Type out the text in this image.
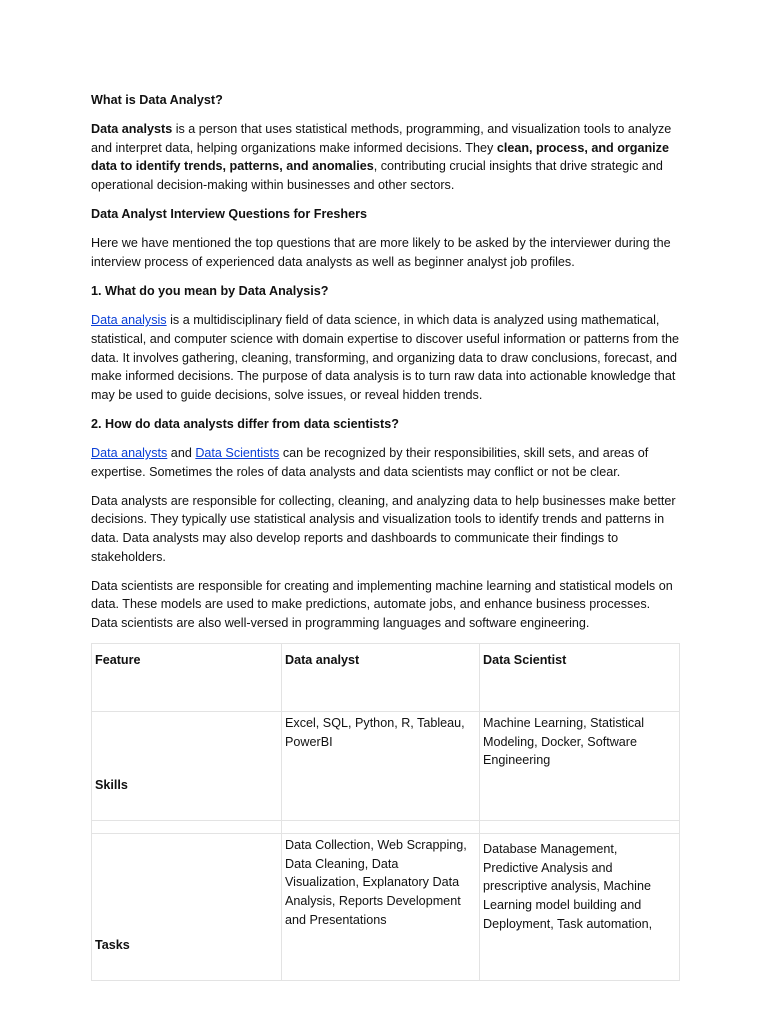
What is Data Analyst?

Data analysts is a person that uses statistical methods, programming, and visualization tools to analyze and interpret data, helping organizations make informed decisions. They clean, process, and organize data to identify trends, patterns, and anomalies, contributing crucial insights that drive strategic and operational decision-making within businesses and other sectors.

Data Analyst Interview Questions for Freshers

Here we have mentioned the top questions that are more likely to be asked by the interviewer during the interview process of experienced data analysts as well as beginner analyst job profiles.

1. What do you mean by Data Analysis?

Data analysis is a multidisciplinary field of data science, in which data is analyzed using mathematical, statistical, and computer science with domain expertise to discover useful information or patterns from the data. It involves gathering, cleaning, transforming, and organizing data to draw conclusions, forecast, and make informed decisions. The purpose of data analysis is to turn raw data into actionable knowledge that may be used to guide decisions, solve issues, or reveal hidden trends.

2. How do data analysts differ from data scientists?

Data analysts and Data Scientists can be recognized by their responsibilities, skill sets, and areas of expertise. Sometimes the roles of data analysts and data scientists may conflict or not be clear.

Data analysts are responsible for collecting, cleaning, and analyzing data to help businesses make better decisions. They typically use statistical analysis and visualization tools to identify trends and patterns in data. Data analysts may also develop reports and dashboards to communicate their findings to stakeholders.

Data scientists are responsible for creating and implementing machine learning and statistical models on data. These models are used to make predictions, automate jobs, and enhance business processes. Data scientists are also well-versed in programming languages and software engineering.

Feature	Data analyst	Data Scientist

Skills	Excel, SQL, Python, R, Tableau, PowerBI	Machine Learning, Statistical Modeling, Docker, Software Engineering

Tasks	Data Collection, Web Scrapping, Data Cleaning, Data Visualization, Explanatory Data Analysis, Reports Development and Presentations	Database Management, Predictive Analysis and prescriptive analysis, Machine Learning model building and Deployment, Task automation,
